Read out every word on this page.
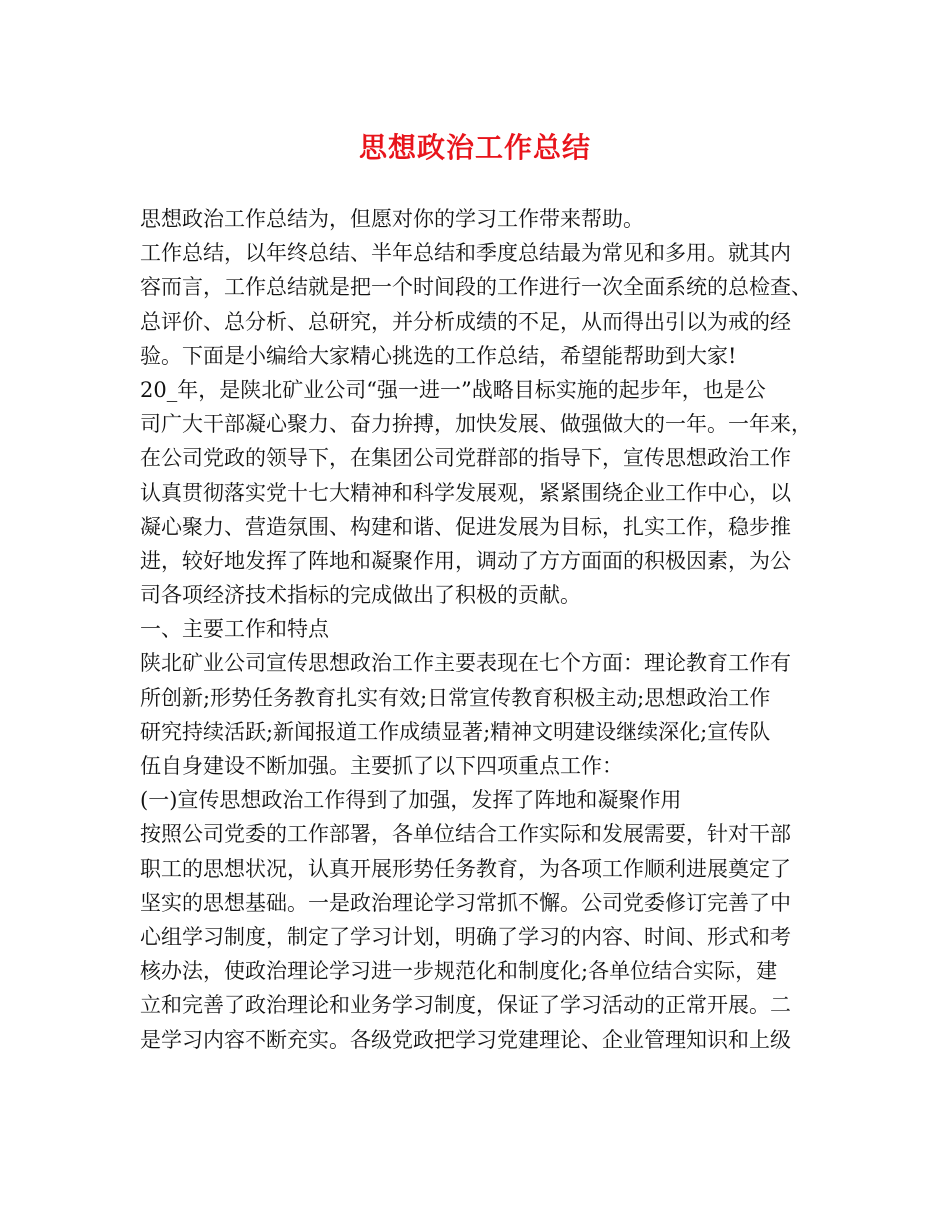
思想政治工作总结
思想政治工作总结为，但愿对你的学习工作带来帮助。
工作总结，以年终总结、半年总结和季度总结最为常见和多用。就其内
容而言，工作总结就是把一个时间段的工作进行一次全面系统的总检查、
总评价、总分析、总研究，并分析成绩的不足，从而得出引以为戒的经
验。下面是小编给大家精心挑选的工作总结，希望能帮助到大家!
20_年，是陕北矿业公司“强一进一”战略目标实施的起步年，也是公
司广大干部凝心聚力、奋力拚搏，加快发展、做强做大的一年。一年来，
在公司党政的领导下，在集团公司党群部的指导下，宣传思想政治工作
认真贯彻落实党十七大精神和科学发展观，紧紧围绕企业工作中心，以
凝心聚力、营造氛围、构建和谐、促进发展为目标，扎实工作，稳步推
进，较好地发挥了阵地和凝聚作用，调动了方方面面的积极因素，为公
司各项经济技术指标的完成做出了积极的贡献。
一、主要工作和特点
陕北矿业公司宣传思想政治工作主要表现在七个方面：理论教育工作有
所创新;形势任务教育扎实有效;日常宣传教育积极主动;思想政治工作
研究持续活跃;新闻报道工作成绩显著;精神文明建设继续深化;宣传队
伍自身建设不断加强。主要抓了以下四项重点工作：
(一)宣传思想政治工作得到了加强，发挥了阵地和凝聚作用
按照公司党委的工作部署，各单位结合工作实际和发展需要，针对干部
职工的思想状况，认真开展形势任务教育，为各项工作顺利进展奠定了
坚实的思想基础。一是政治理论学习常抓不懈。公司党委修订完善了中
心组学习制度，制定了学习计划，明确了学习的内容、时间、形式和考
核办法，使政治理论学习进一步规范化和制度化;各单位结合实际，建
立和完善了政治理论和业务学习制度，保证了学习活动的正常开展。二
是学习内容不断充实。各级党政把学习党建理论、企业管理知识和上级
